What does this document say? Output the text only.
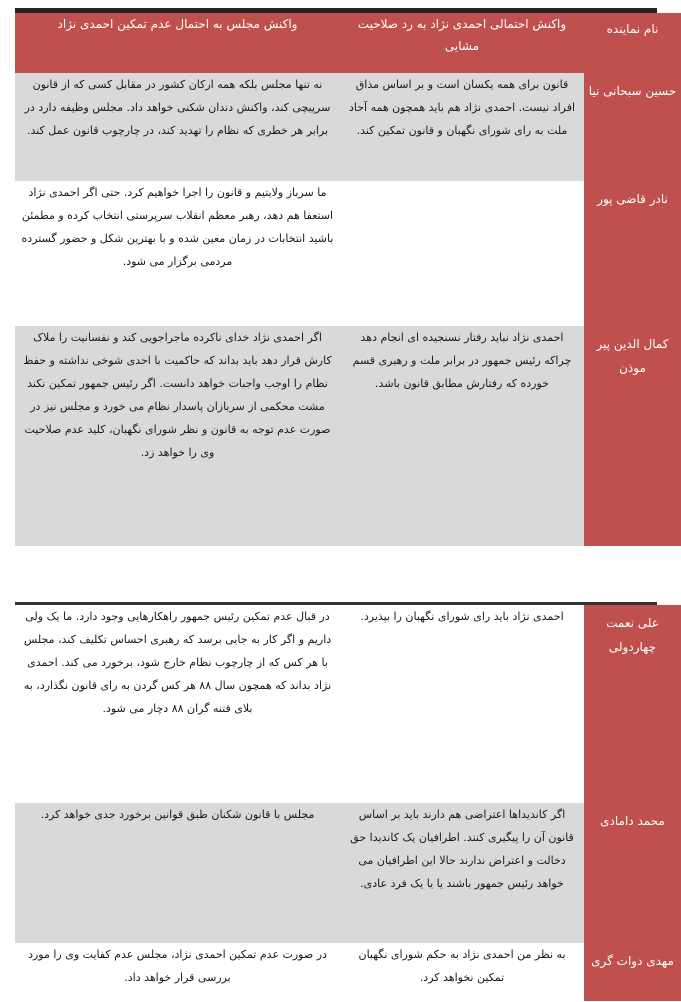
نام نماینده	واکنش احتمالی احمدی نژاد به رد صلاحیت مشایی	واکنش مجلس به احتمال عدم تمکین احمدی نژاد
حسین سبحانی نیا	قانون برای همه یکسان است و بر اساس مذاق افراد نیست. احمدی نژاد هم باید همچون همه آحاد ملت به رای شورای نگهبان و قانون تمکین کند.	نه تنها مجلس بلکه همه ارکان کشور در مقابل کسی که از قانون سرپیچی کند، واکنش دندان شکنی خواهد داد. مجلس وظیفه دارد در برابر هر خطری که نظام را تهدید کند، در چارچوب قانون عمل کند.
نادر قاضی پور		ما سرباز ولایتیم و قانون را اجرا خواهیم کرد. حتی اگر احمدی نژاد استعفا هم دهد، رهبر معظم انقلاب سرپرستی انتخاب کرده و مطمئن باشید انتخابات در زمان معین شده و با بهترین شکل و حضور گسترده مردمی برگزار می شود.
کمال الدین پیر موذن	احمدی نژاد نباید رفتار نسنجیده ای انجام دهد چراکه رئیس جمهور در برابر ملت و رهبری قسم خورده که رفتارش مطابق قانون باشد.	اگر احمدی نژاد خدای ناکرده ماجراجویی کند و نفسانیت را ملاک کارش قرار دهد باید بداند که حاکمیت با احدی شوخی نداشته و حفظ نظام را اوجب واجبات خواهد دانست. اگر رئیس جمهور تمکین نکند مشت محکمی از سربازان پاسدار نظام می خورد و مجلس نیز در صورت عدم توجه به قانون و نظر شورای نگهبان، کلید عدم صلاحیت وی را خواهد زد.
علی نعمت چهاردولی	احمدی نژاد باید رای شورای نگهبان را بپذیرد.	در قبال عدم تمکین رئیس جمهور راهکارهایی وجود دارد. ما یک ولی داریم و اگر کار به جایی برسد که رهبری احساس تکلیف کند، مجلس با هر کس که از چارچوب نظام خارج شود، برخورد می کند. احمدی نژاد بداند که همچون سال ۸۸ هر کس گردن به رای قانون نگذارد، به بلای فتنه گران ۸۸ دچار می شود.
محمد دامادی	اگر کاندیداها اعتراضی هم دارند باید بر اساس قانون آن را پیگیری کنند. اطرافیان یک کاندیدا حق دخالت و اعتراض ندارند حالا این اطرافیان می خواهد رئیس جمهور باشند یا یا یک فرد عادی.	مجلس با قانون شکنان طبق قوانین برخورد جدی خواهد کرد.
مهدی دوات گری	به نظر من احمدی نژاد به حکم شورای نگهبان تمکین نخواهد کرد.	در صورت عدم تمکین احمدی نژاد، مجلس عدم کفایت وی را مورد بررسی قرار خواهد داد.
